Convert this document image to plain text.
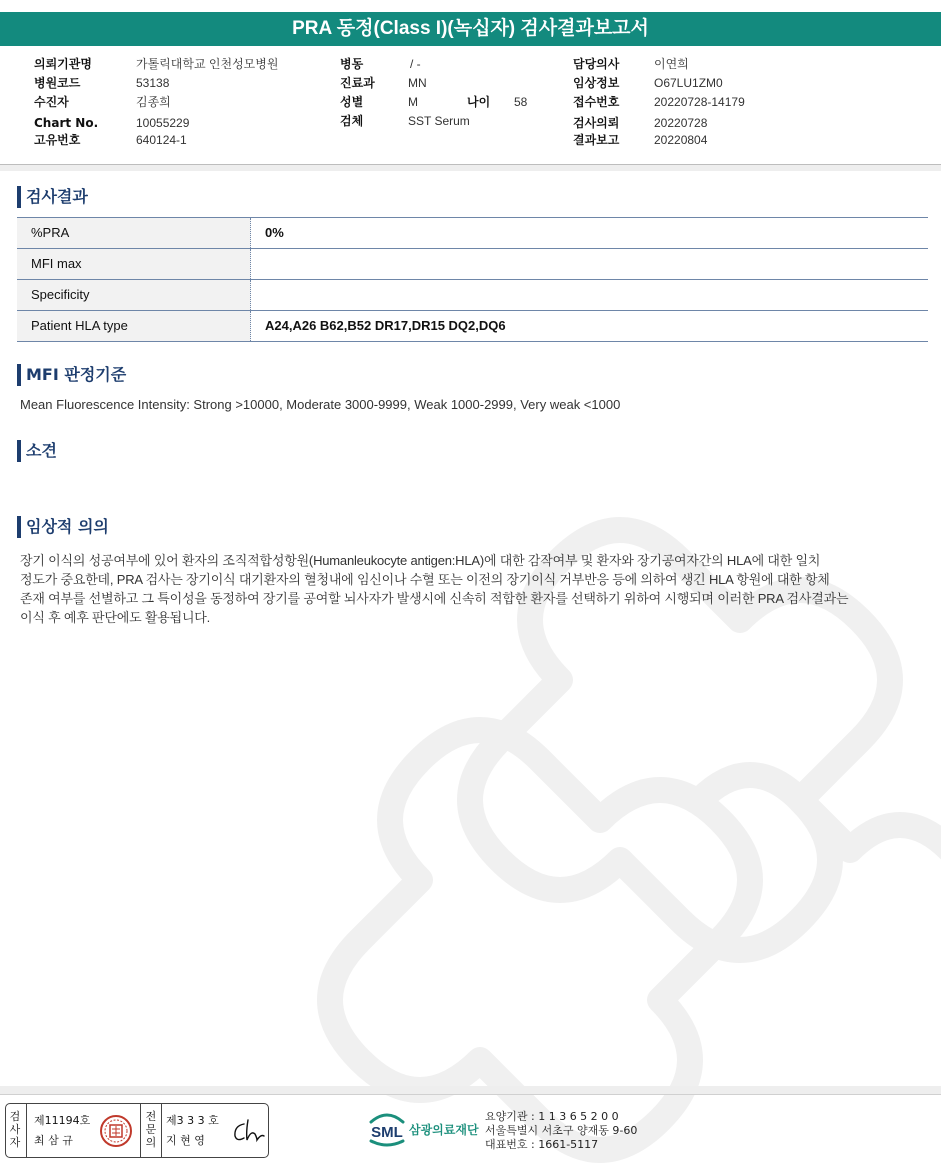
PRA 동정(Class I)(녹십자) 검사결과보고서
의뢰기관명	가톨릭대학교 인천성모병원
병원코드	53138
수진자	김종희
Chart No.	10055229
고유번호	640124-1
병동	/ -
진료과	MN
성별	M	나이 58
검체	SST Serum
담당의사	이연희
임상정보	O67LU1ZM0
접수번호	20220728-14179
검사의뢰	20220728
결과보고	20220804
검사결과
%PRA	0%
MFI max
Specificity
Patient HLA type	A24,A26 B62,B52 DR17,DR15 DQ2,DQ6
MFI 판정기준
Mean Fluorescence Intensity: Strong >10000, Moderate 3000-9999, Weak 1000-2999, Very weak <1000
소견
임상적 의의
장기 이식의 성공여부에 있어 환자의 조직적합성항원(Humanleukocyte antigen:HLA)에 대한 감작여부 및 환자와 장기공여자간의 HLA에 대한 일치
정도가 중요한데, PRA 검사는 장기이식 대기환자의 혈청내에 임신이나 수혈 또는 이전의 장기이식 거부반응 등에 의하여 생긴 HLA 항원에 대한 항체
존재 여부를 선별하고 그 특이성을 동정하여 장기를 공여할 뇌사자가 발생시에 신속히 적합한 환자를 선택하기 위하여 시행되며 이러한 PRA 검사결과는
이식 후 예후 판단에도 활용됩니다.
검
사
자
제11194호
최 삼 규
전
문
의
제3 3 3 호
지 현 영	SML 삼광의료재단
요양기관 : 1 1 3 6 5 2 0 0
서울특별시 서초구 양재동 9-60
대표번호 : 1661-5117
